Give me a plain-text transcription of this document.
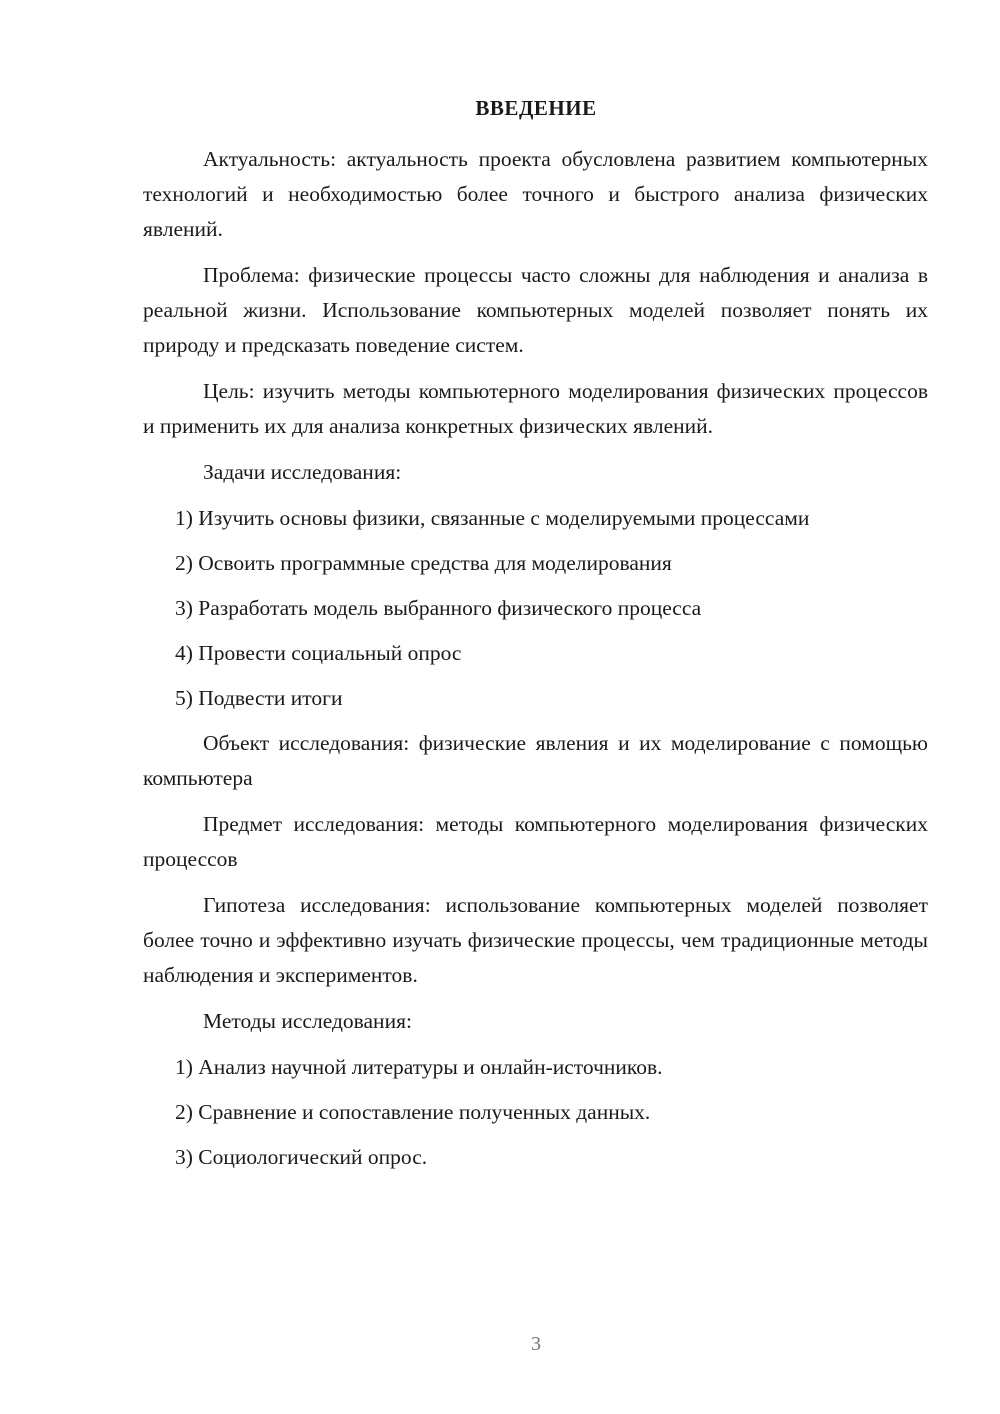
ВВЕДЕНИЕ

Актуальность: актуальность проекта обусловлена развитием компьютерных технологий и необходимостью более точного и быстрого анализа физических явлений.

Проблема: физические процессы часто сложны для наблюдения и анализа в реальной жизни. Использование компьютерных моделей позволяет понять их природу и предсказать поведение систем.

Цель: изучить методы компьютерного моделирования физических процессов и применить их для анализа конкретных физических явлений.

Задачи исследования:

1) Изучить основы физики, связанные с моделируемыми процессами
2) Освоить программные средства для моделирования
3) Разработать модель выбранного физического процесса
4) Провести социальный опрос
5) Подвести итоги

Объект исследования: физические явления и их моделирование с помощью компьютера

Предмет исследования: методы компьютерного моделирования физических процессов

Гипотеза исследования: использование компьютерных моделей позволяет более точно и эффективно изучать физические процессы, чем традиционные методы наблюдения и экспериментов.

Методы исследования:

1) Анализ научной литературы и онлайн-источников.
2) Сравнение и сопоставление полученных данных.
3) Социологический опрос.
3
